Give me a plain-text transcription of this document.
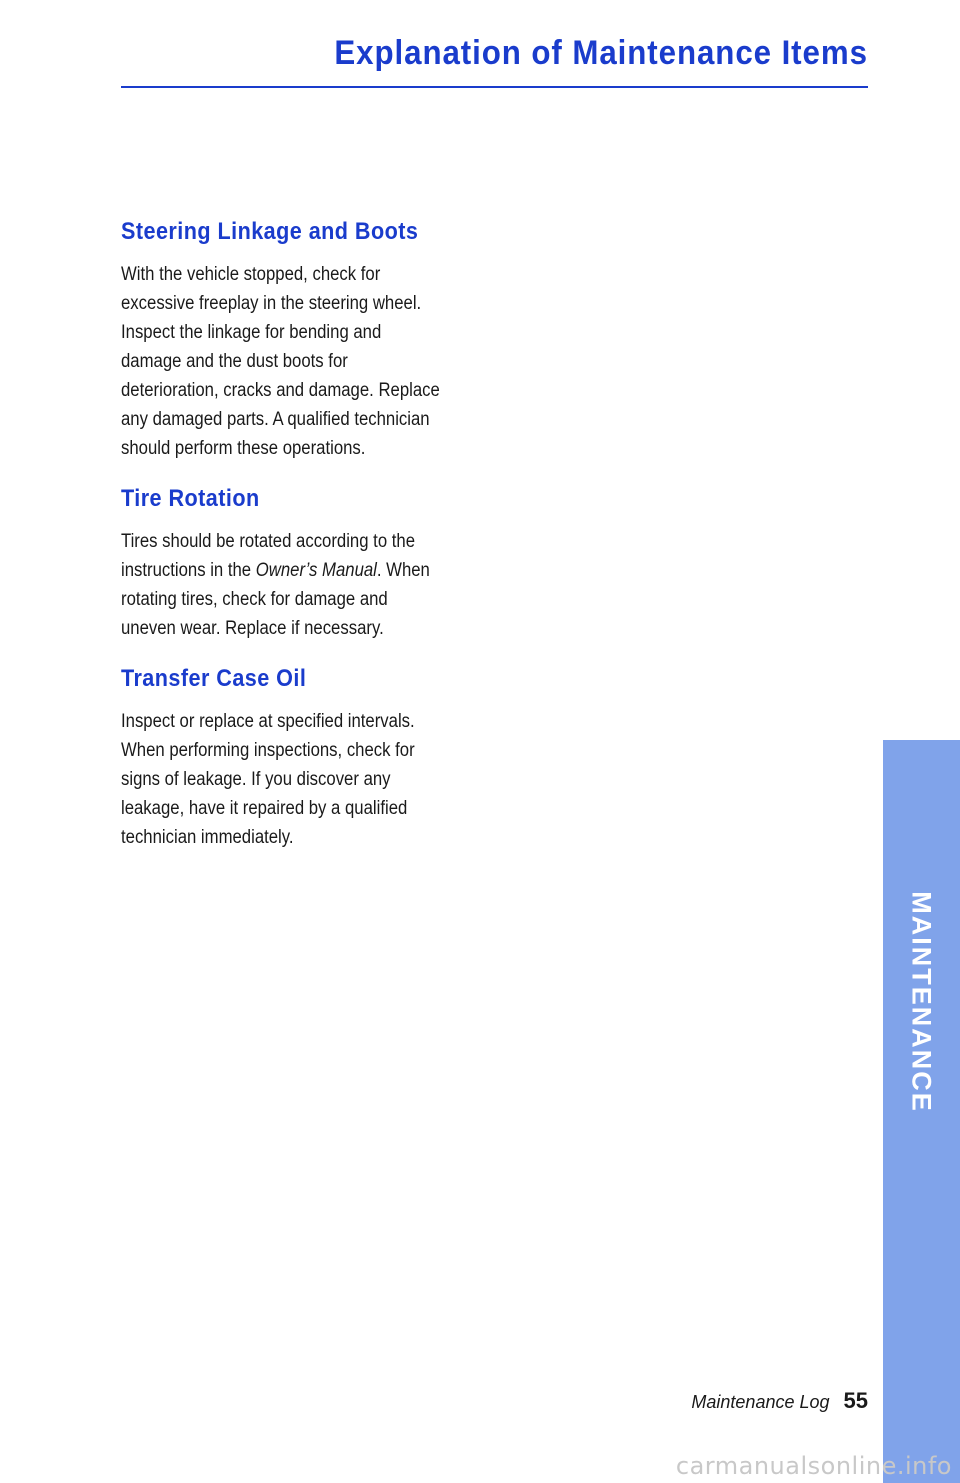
Explanation of Maintenance Items
Steering Linkage and Boots

With the vehicle stopped, check for
excessive freeplay in the steering wheel.
Inspect the linkage for bending and
damage and the dust boots for
deterioration, cracks and damage. Replace
any damaged parts. A qualified technician
should perform these operations.

Tire Rotation

Tires should be rotated according to the
instructions in the Owner’s Manual. When
rotating tires, check for damage and
uneven wear. Replace if necessary.

Transfer Case Oil

Inspect or replace at specified intervals.
When performing inspections, check for
signs of leakage. If you discover any
leakage, have it repaired by a qualified
technician immediately.

MAINTENANCE
Maintenance Log 55
carmanualsonline.info
